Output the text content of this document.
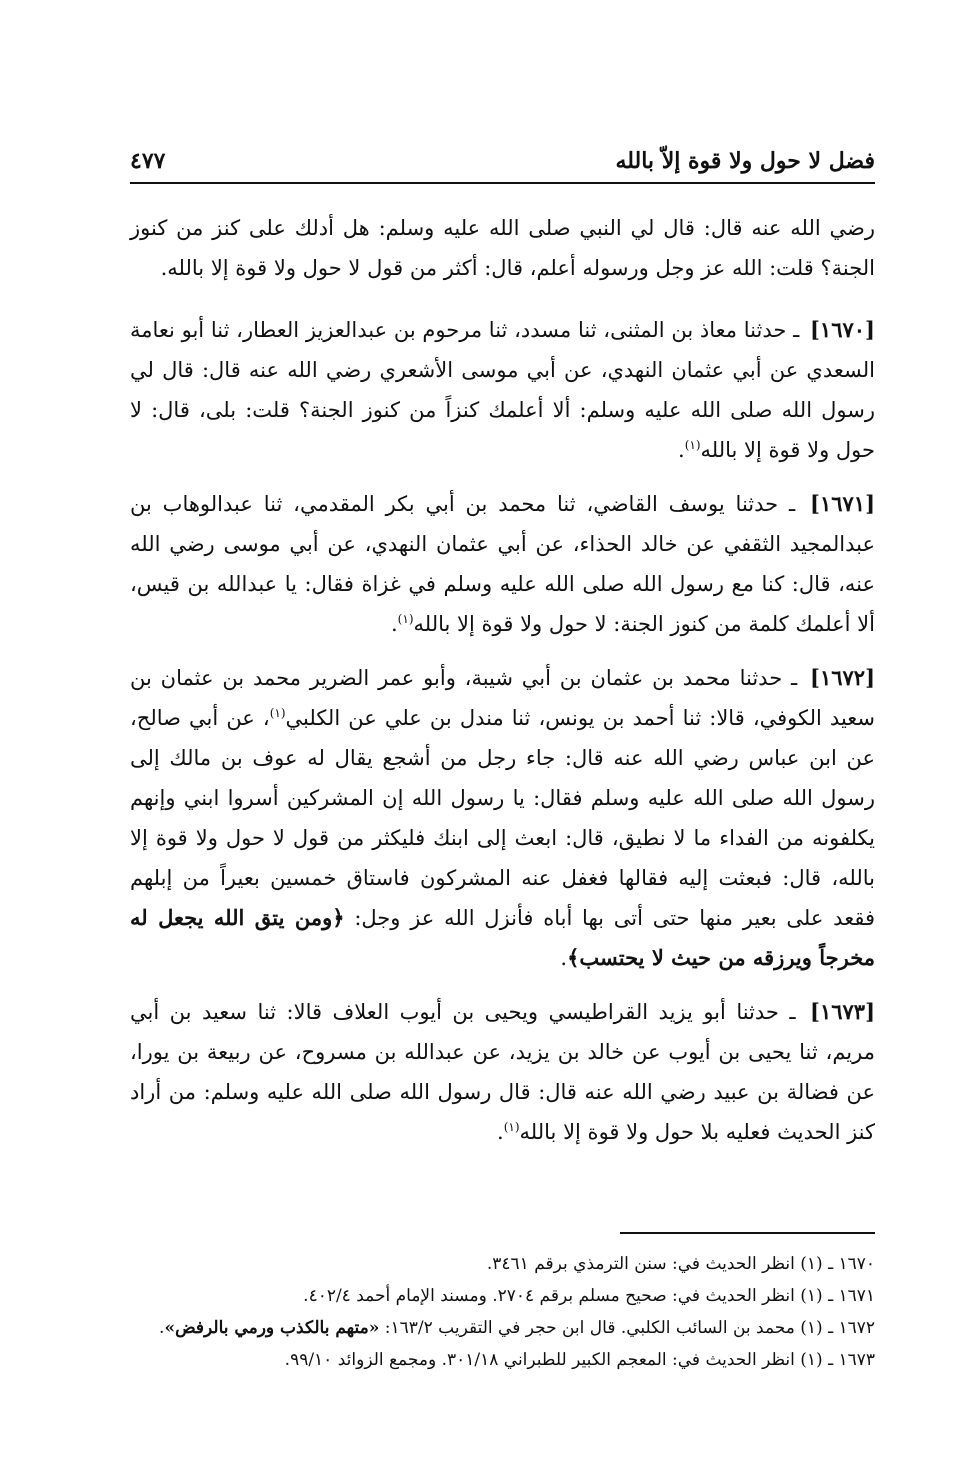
فضل لا حول ولا قوة إلاّ بالله
٤٧٧

رضي الله عنه قال: قال لي النبي صلى الله عليه وسلم: هل أدلك على كنز من كنوز الجنة؟ قلت: الله عز وجل ورسوله أعلم، قال: أكثر من قول لا حول ولا قوة إلا بالله.

[١٦٧٠] ـ حدثنا معاذ بن المثنى، ثنا مسدد، ثنا مرحوم بن عبدالعزيز العطار، ثنا أبو نعامة السعدي عن أبي عثمان النهدي، عن أبي موسى الأشعري رضي الله عنه قال: قال لي رسول الله صلى الله عليه وسلم: ألا أعلمك كنزاً من كنوز الجنة؟ قلت: بلى، قال: لا حول ولا قوة إلا بالله$^{(١)}$.

[١٦٧١] ـ حدثنا يوسف القاضي، ثنا محمد بن أبي بكر المقدمي، ثنا عبدالوهاب بن عبدالمجيد الثقفي عن خالد الحذاء، عن أبي عثمان النهدي، عن أبي موسى رضي الله عنه، قال: كنا مع رسول الله صلى الله عليه وسلم في غزاة فقال: يا عبدالله بن قيس، ألا أعلمك كلمة من كنوز الجنة: لا حول ولا قوة إلا بالله$^{(١)}$.

[١٦٧٢] ـ حدثنا محمد بن عثمان بن أبي شيبة، وأبو عمر الضرير محمد بن عثمان بن سعيد الكوفي، قالا: ثنا أحمد بن يونس، ثنا مندل بن علي عن الكلبي$^{(١)}$، عن أبي صالح، عن ابن عباس رضي الله عنه قال: جاء رجل من أشجع يقال له عوف بن مالك إلى رسول الله صلى الله عليه وسلم فقال: يا رسول الله إن المشركين أسروا ابني وإنهم يكلفونه من الفداء ما لا نطيق، قال: ابعث إلى ابنك فليكثر من قول لا حول ولا قوة إلا بالله، قال: فبعثت إليه فقالها فغفل عنه المشركون فاستاق خمسين بعيراً من إبلهم فقعد على بعير منها حتى أتى بها أباه فأنزل الله عز وجل: ﴿ومن يتق الله يجعل له مخرجاً ويرزقه من حيث لا يحتسب﴾.

[١٦٧٣] ـ حدثنا أبو يزيد القراطيسي ويحيى بن أيوب العلاف قالا: ثنا سعيد بن أبي مريم، ثنا يحيى بن أيوب عن خالد بن يزيد، عن عبدالله بن مسروح، عن ربيعة بن يورا، عن فضالة بن عبيد رضي الله عنه قال: قال رسول الله صلى الله عليه وسلم: من أراد كنز الحديث فعليه بلا حول ولا قوة إلا بالله$^{(١)}$.

١٦٧٠ ـ (١) انظر الحديث في: سنن الترمذي برقم ٣٤٦١.

١٦٧١ ـ (١) انظر الحديث في: صحيح مسلم برقم ٢٧٠٤. ومسند الإمام أحمد ٤٠٢/٤.

١٦٧٢ ـ (١) محمد بن السائب الكلبي. قال ابن حجر في التقريب ١٦٣/٢: «متهم بالكذب ورمي بالرفض».

١٦٧٣ ـ (١) انظر الحديث في: المعجم الكبير للطبراني ٣٠١/١٨. ومجمع الزوائد ٩٩/١٠.
